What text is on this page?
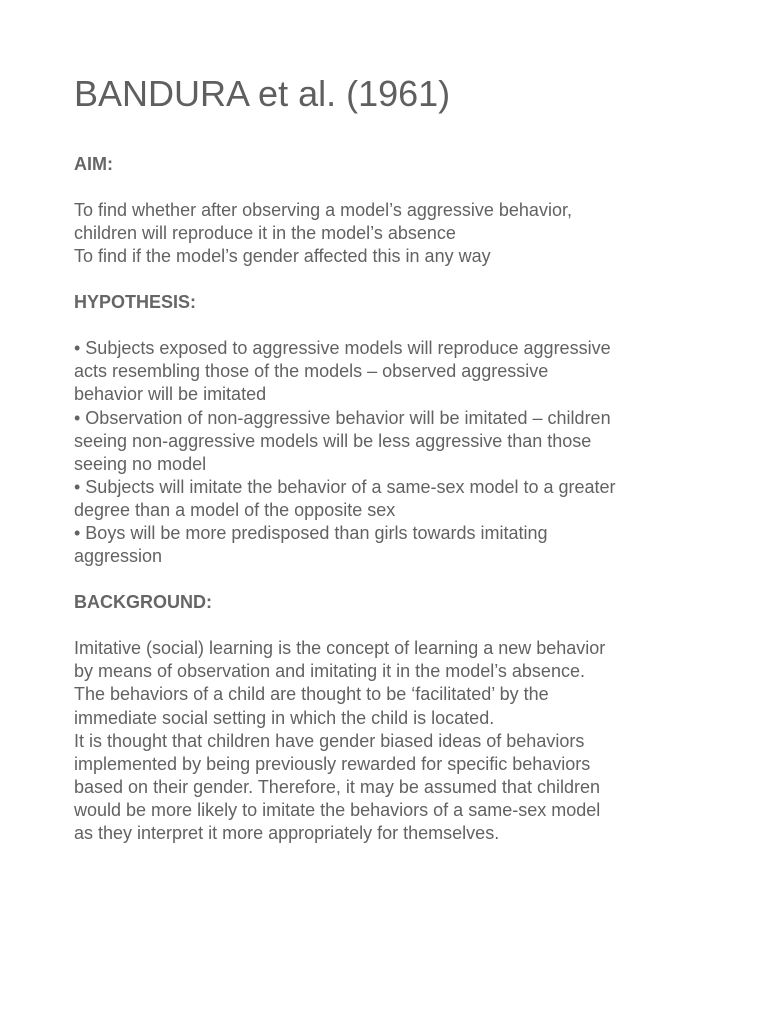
BANDURA et al. (1961)
AIM:

To find whether after observing a model’s aggressive behavior,
children will reproduce it in the model’s absence
To find if the model’s gender affected this in any way

HYPOTHESIS:

• Subjects exposed to aggressive models will reproduce aggressive
acts resembling those of the models – observed aggressive
behavior will be imitated
• Observation of non-aggressive behavior will be imitated – children
seeing non-aggressive models will be less aggressive than those
seeing no model
• Subjects will imitate the behavior of a same-sex model to a greater
degree than a model of the opposite sex
• Boys will be more predisposed than girls towards imitating
aggression

BACKGROUND:

Imitative (social) learning is the concept of learning a new behavior
by means of observation and imitating it in the model’s absence.
The behaviors of a child are thought to be ‘facilitated’ by the
immediate social setting in which the child is located.
It is thought that children have gender biased ideas of behaviors
implemented by being previously rewarded for specific behaviors
based on their gender. Therefore, it may be assumed that children
would be more likely to imitate the behaviors of a same-sex model
as they interpret it more appropriately for themselves.
